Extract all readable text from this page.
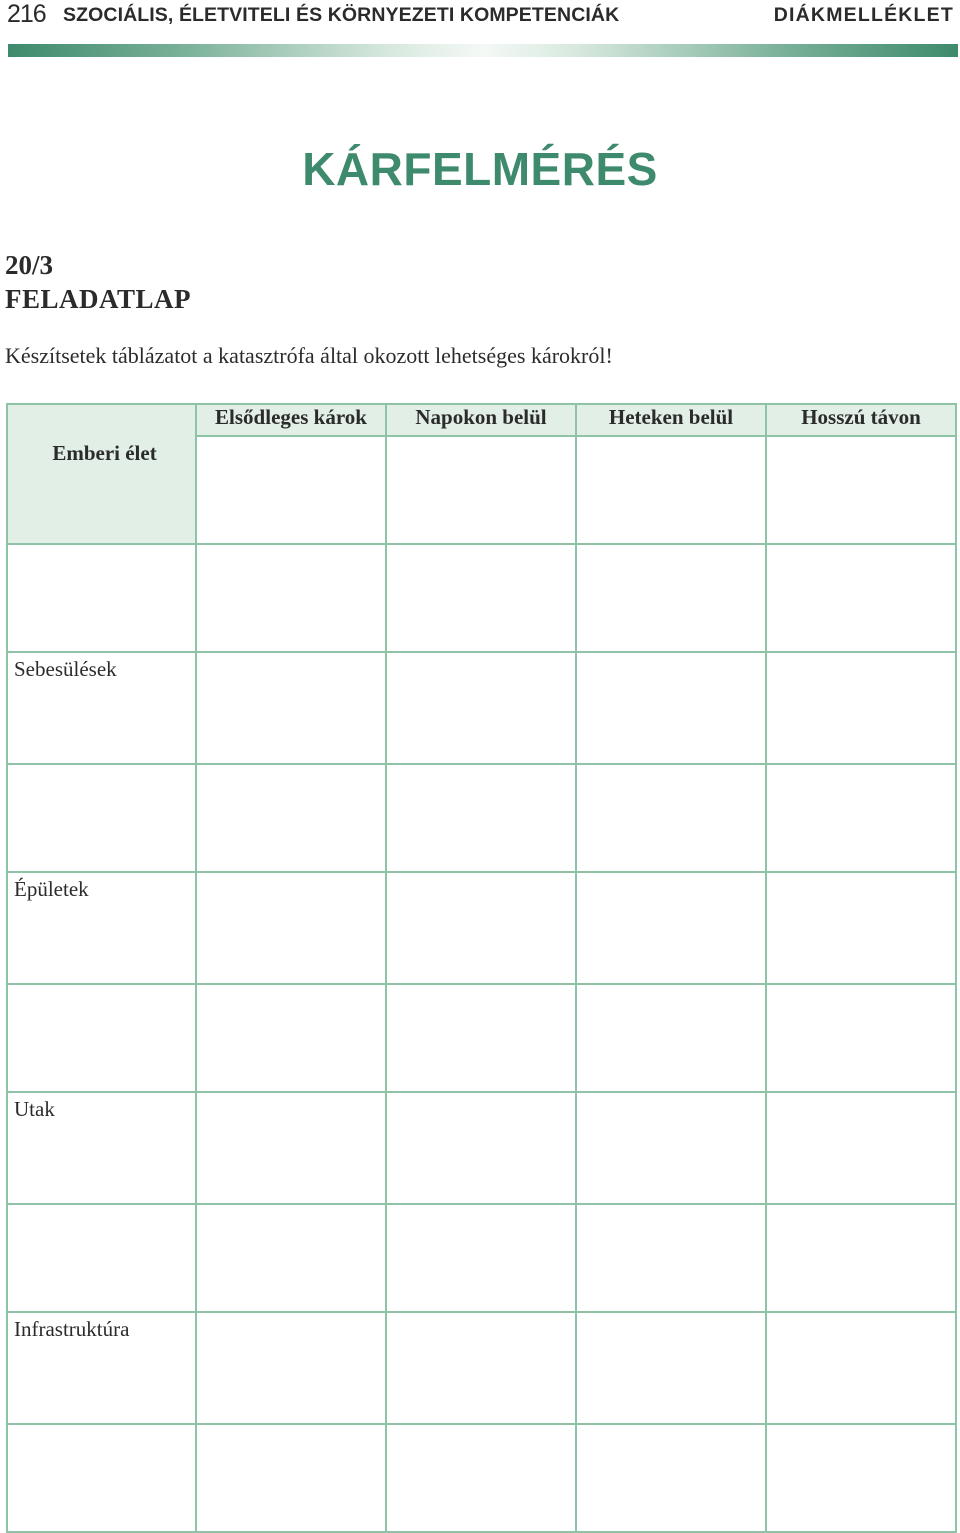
216 SZOCIÁLIS, ÉLETVITELI ÉS KÖRNYEZETI KOMPETENCIÁK	DIÁKMELLÉKLET
KÁRFELMÉRÉS
20/3
FELADATLAP
Készítsetek táblázatot a katasztrófa által okozott lehetséges károkról!
Emberi élet	Elsődleges károk	Napokon belül	Heteken belül	Hosszú távon

Sebesülések				

Épületek				

Utak				

Infrastruktúra				
